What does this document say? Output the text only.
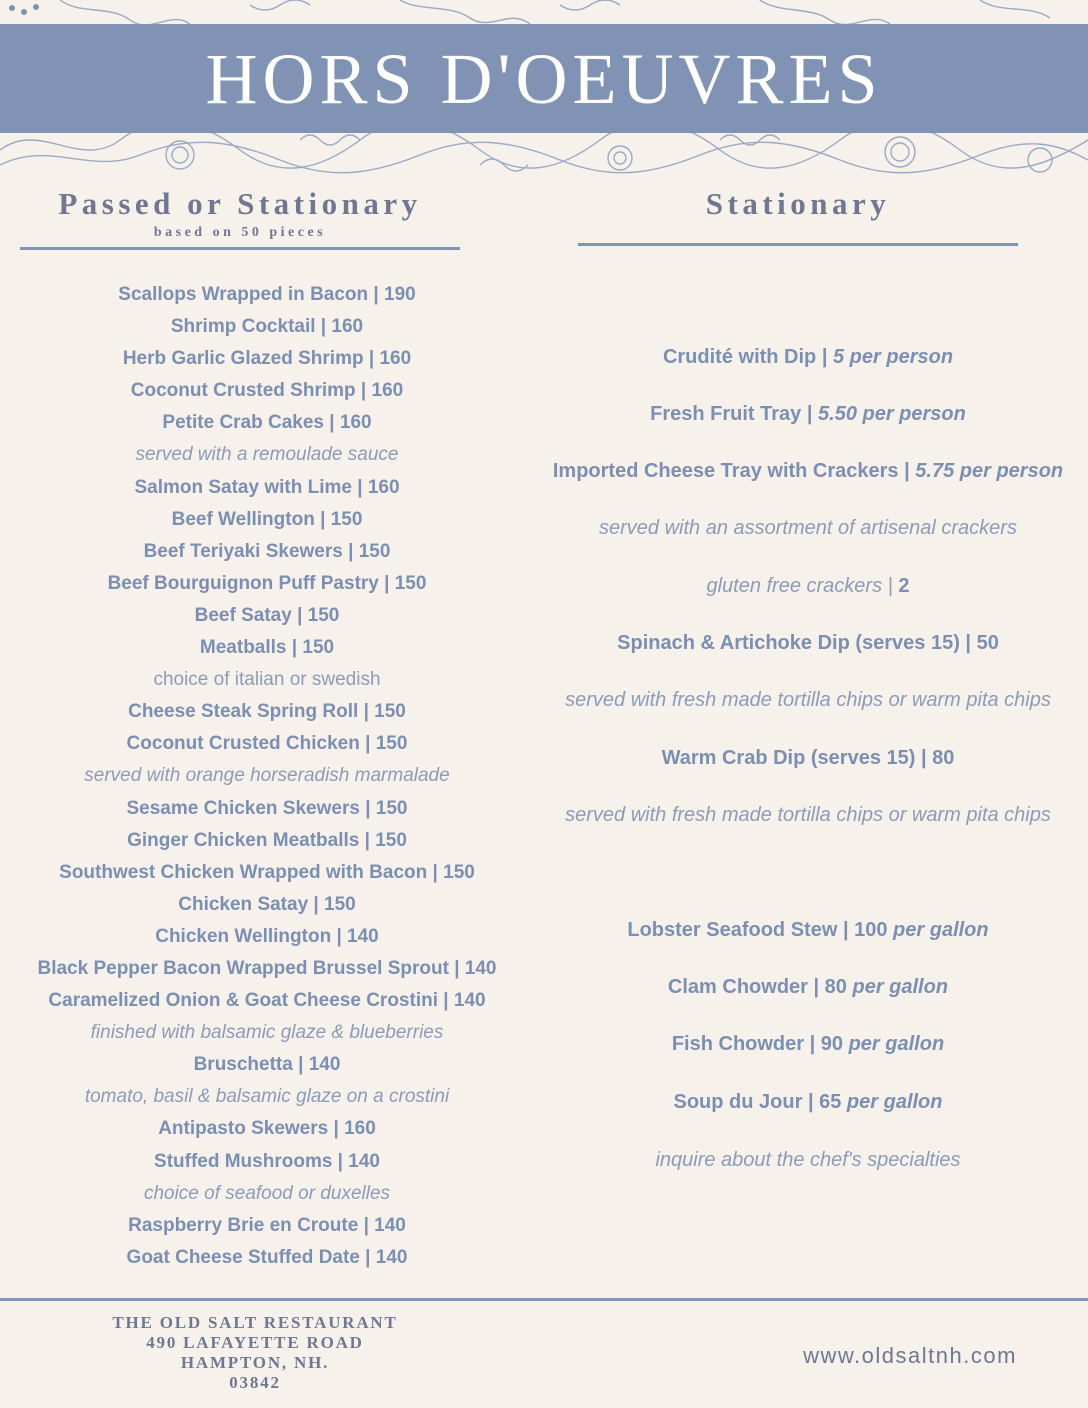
HORS D'OEUVRES
Passed or Stationary
based on 50 pieces
Stationary
Scallops Wrapped in Bacon | 190
Shrimp Cocktail | 160
Herb Garlic Glazed Shrimp | 160
Coconut Crusted Shrimp | 160
Petite Crab Cakes | 160
served with a remoulade sauce
Salmon Satay with Lime | 160
Beef Wellington | 150
Beef Teriyaki Skewers | 150
Beef Bourguignon Puff Pastry | 150
Beef Satay | 150
Meatballs | 150
choice of italian or swedish
Cheese Steak Spring Roll | 150
Coconut Crusted Chicken | 150
served with orange horseradish marmalade
Sesame Chicken Skewers | 150
Ginger Chicken Meatballs | 150
Southwest Chicken Wrapped with Bacon | 150
Chicken Satay | 150
Chicken Wellington | 140
Black Pepper Bacon Wrapped Brussel Sprout | 140
Caramelized Onion & Goat Cheese Crostini | 140
finished with balsamic glaze & blueberries
Bruschetta | 140
tomato, basil & balsamic glaze on a crostini
Antipasto Skewers | 160
Stuffed Mushrooms | 140
choice of seafood or duxelles
Raspberry Brie en Croute | 140
Goat Cheese Stuffed Date | 140
Crudité with Dip | 5 per person
Fresh Fruit Tray | 5.50 per person
Imported Cheese Tray with Crackers | 5.75 per person
served with an assortment of artisenal crackers
gluten free crackers | 2
Spinach & Artichoke Dip (serves 15) | 50
served with fresh made tortilla chips or warm pita chips
Warm Crab Dip (serves 15) | 80
served with fresh made tortilla chips or warm pita chips
Lobster Seafood Stew | 100 per gallon
Clam Chowder | 80 per gallon
Fish Chowder | 90 per gallon
Soup du Jour | 65 per gallon
inquire about the chef's specialties
THE OLD SALT RESTAURANT
490 LAFAYETTE ROAD
HAMPTON, NH.
03842
www.oldsaltnh.com
